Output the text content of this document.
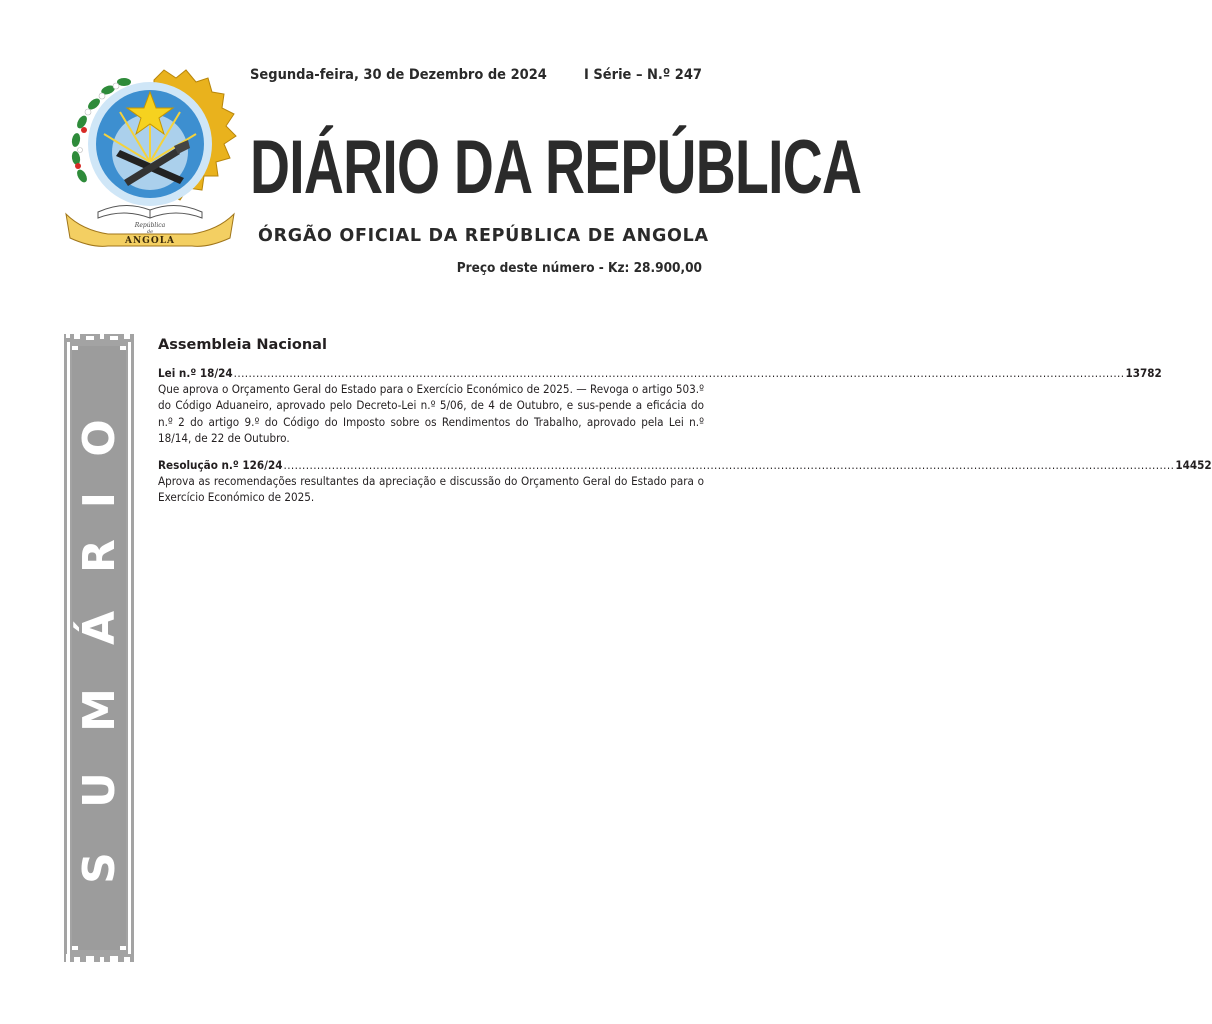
República
de
ANGOLA
Segunda-feira, 30 de Dezembro de 2024	I Série – N.º 247
DIÁRIO DA REPÚBLICA
ÓRGÃO OFICIAL DA REPÚBLICA DE ANGOLA
Preço deste número - Kz: 28.900,00
S
U
M
Á
R
I
O
Assembleia Nacional
Lei n.º 18/24 .....	13782

Que aprova o Orçamento Geral do Estado para o Exercício Económico de 2025. — Revoga o artigo 503.º do Código Aduaneiro, aprovado pelo Decreto-Lei n.º 5/06, de 4 de Outubro, e sus-pende a eficácia do n.º 2 do artigo 9.º do Código do Imposto sobre os Rendimentos do Trabalho, aprovado pela Lei n.º 18/14, de 22 de Outubro.

Resolução n.º 126/24 .....	14452

Aprova as recomendações resultantes da apreciação e discussão do Orçamento Geral do Estado para o Exercício Económico de 2025.
